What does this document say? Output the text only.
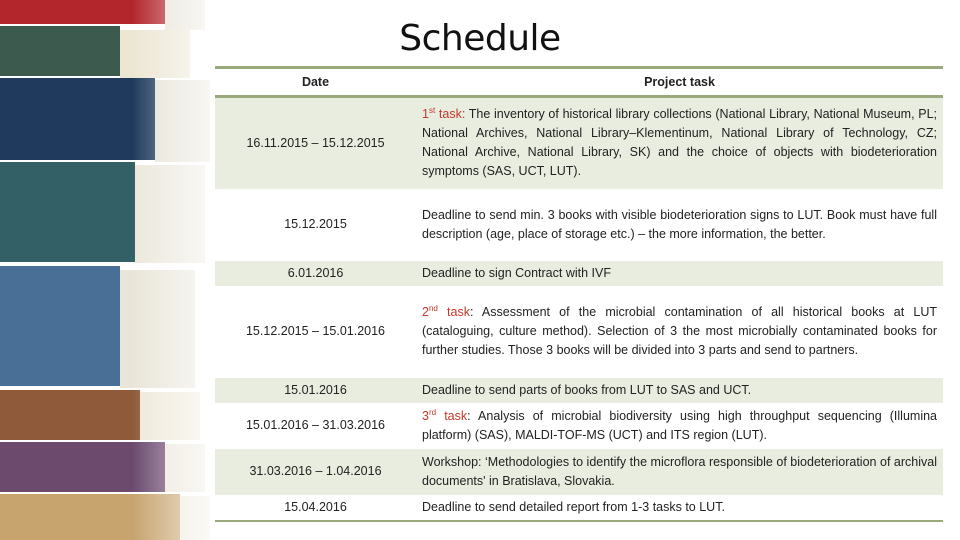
Schedule
Date	Project task
16.11.2015 – 15.12.2015	1st task: The inventory of historical library collections (National Library, National Museum, PL; National Archives, National Library–Klementinum, National Library of Technology, CZ; National Archive, National Library, SK) and the choice of objects with biodeterioration symptoms (SAS, UCT, LUT).
15.12.2015	Deadline to send min. 3 books with visible biodeterioration signs to LUT. Book must have full description (age, place of storage etc.) – the more information, the better.
6.01.2016	Deadline to sign Contract with IVF
15.12.2015 – 15.01.2016	2nd task: Assessment of the microbial contamination of all historical books at LUT (cataloguing, culture method). Selection of 3 the most microbially contaminated books for further studies. Those 3 books will be divided into 3 parts and send to partners.
15.01.2016	Deadline to send parts of books from LUT to SAS and UCT.
15.01.2016 – 31.03.2016	3rd task: Analysis of microbial biodiversity using high throughput sequencing (Illumina platform) (SAS), MALDI-TOF-MS (UCT) and ITS region (LUT).
31.03.2016 – 1.04.2016	Workshop: ‘Methodologies to identify the microflora responsible of biodeterioration of archival documents' in Bratislava, Slovakia.
15.04.2016	Deadline to send detailed report from 1-3 tasks to LUT.
